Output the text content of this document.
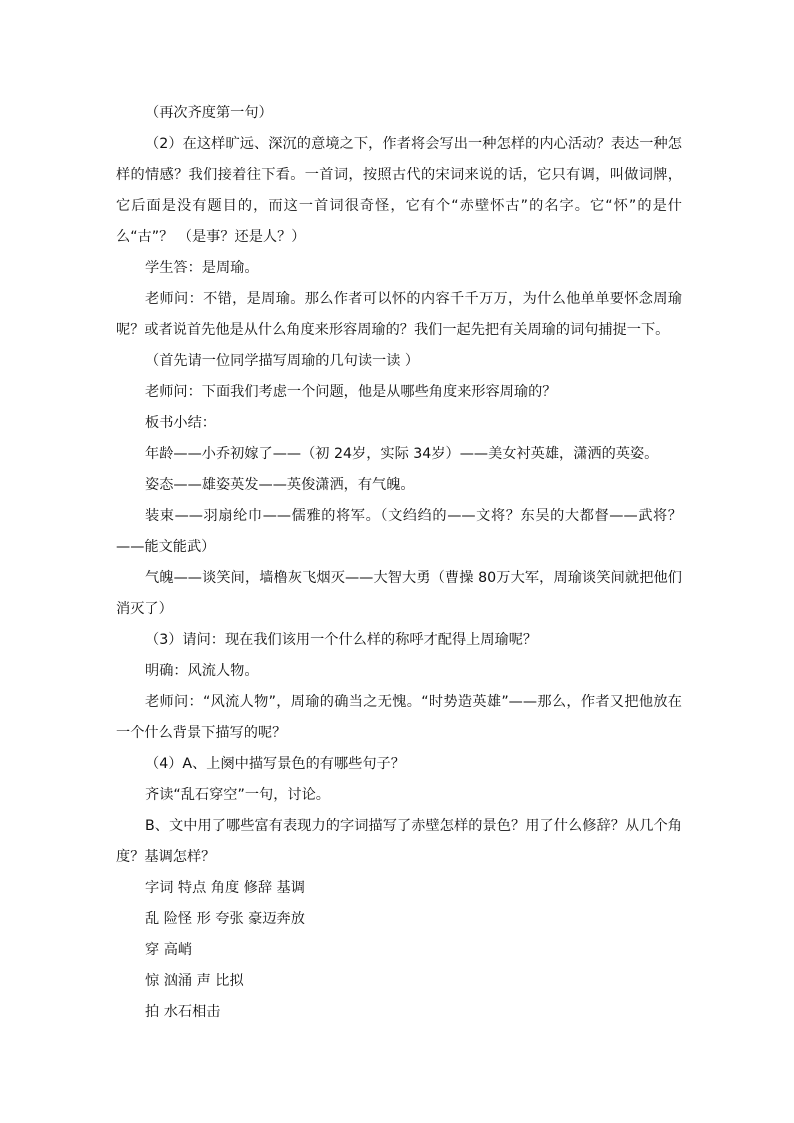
（再次齐度第一句）

（2）在这样旷远、深沉的意境之下，作者将会写出一种怎样的内心活动？表达一种怎样的情感？我们接着往下看。一首词，按照古代的宋词来说的话，它只有调，叫做词牌，它后面是没有题目的，而这一首词很奇怪，它有个“赤壁怀古”的名字。它“怀”的是什么“古”？ （是事？还是人？）

学生答：是周瑜。

老师问：不错，是周瑜。那么作者可以怀的内容千千万万，为什么他单单要怀念周瑜呢？或者说首先他是从什么角度来形容周瑜的？我们一起先把有关周瑜的词句捕捉一下。

（首先请一位同学描写周瑜的几句读一读 ）

老师问：下面我们考虑一个问题，他是从哪些角度来形容周瑜的？

板书小结：

年龄——小乔初嫁了——（初 24岁，实际 34岁）——美女衬英雄，潇洒的英姿。

姿态——雄姿英发——英俊潇洒，有气魄。

装束——羽扇纶巾——儒雅的将军。（文绉绉的——文将？东吴的大都督——武将？——能文能武）

气魄——谈笑间，墙橹灰飞烟灭——大智大勇（曹操 80万大军，周瑜谈笑间就把他们消灭了）

（3）请问：现在我们该用一个什么样的称呼才配得上周瑜呢？

明确：风流人物。

老师问：“风流人物”，周瑜的确当之无愧。“时势造英雄”——那么，作者又把他放在一个什么背景下描写的呢？

（4）A、上阕中描写景色的有哪些句子？

齐读“乱石穿空”一句，讨论。

B、文中用了哪些富有表现力的字词描写了赤壁怎样的景色？用了什么修辞？从几个角度？基调怎样？

字词 特点 角度 修辞 基调

乱 险怪 形 夸张 豪迈奔放

穿 高峭

惊 汹涌 声 比拟

拍 水石相击
